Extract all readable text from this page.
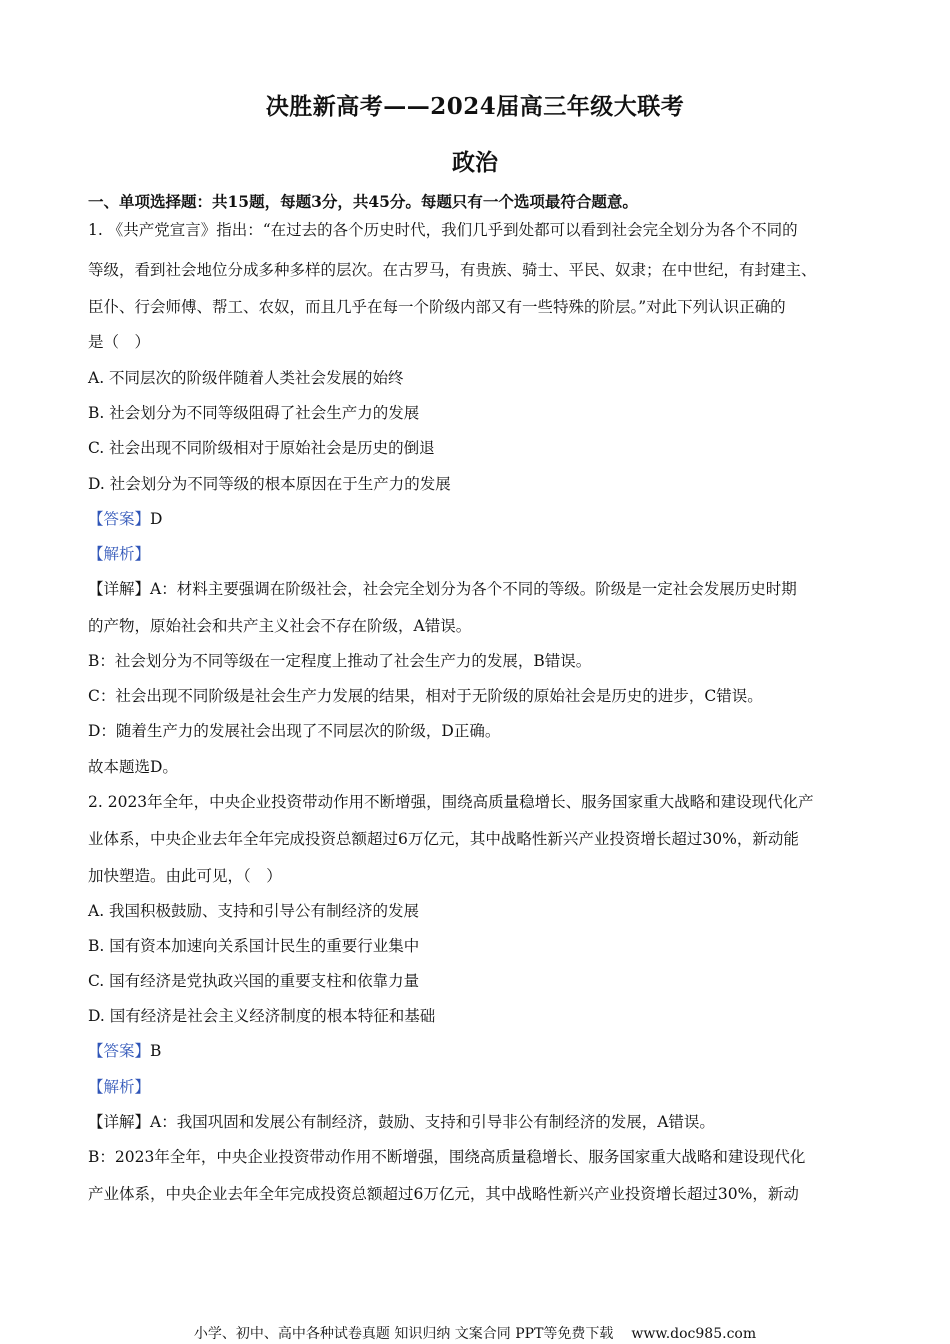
决胜新高考——2024届高三年级大联考
政治
一、单项选择题：共15题，每题3分，共45分。每题只有一个选项最符合题意。
1. 《共产党宣言》指出：“在过去的各个历史时代，我们几乎到处都可以看到社会完全划分为各个不同的
等级，看到社会地位分成多种多样的层次。在古罗马，有贵族、骑士、平民、奴隶；在中世纪，有封建主、
臣仆、行会师傅、帮工、农奴，而且几乎在每一个阶级内部又有一些特殊的阶层。”对此下列认识正确的
是（　）
A. 不同层次的阶级伴随着人类社会发展的始终
B. 社会划分为不同等级阻碍了社会生产力的发展
C. 社会出现不同阶级相对于原始社会是历史的倒退
D. 社会划分为不同等级的根本原因在于生产力的发展
【答案】D
【解析】
【详解】A：材料主要强调在阶级社会，社会完全划分为各个不同的等级。阶级是一定社会发展历史时期
的产物，原始社会和共产主义社会不存在阶级，A错误。
B：社会划分为不同等级在一定程度上推动了社会生产力的发展，B错误。
C：社会出现不同阶级是社会生产力发展的结果，相对于无阶级的原始社会是历史的进步，C错误。
D：随着生产力的发展社会出现了不同层次的阶级，D正确。
故本题选D。
2. 2023年全年，中央企业投资带动作用不断增强，围绕高质量稳增长、服务国家重大战略和建设现代化产
业体系，中央企业去年全年完成投资总额超过6万亿元，其中战略性新兴产业投资增长超过30%，新动能
加快塑造。由此可见，（　）
A. 我国积极鼓励、支持和引导公有制经济的发展
B. 国有资本加速向关系国计民生的重要行业集中
C. 国有经济是党执政兴国的重要支柱和依靠力量
D. 国有经济是社会主义经济制度的根本特征和基础
【答案】B
【解析】
【详解】A：我国巩固和发展公有制经济，鼓励、支持和引导非公有制经济的发展，A错误。
B：2023年全年，中央企业投资带动作用不断增强，围绕高质量稳增长、服务国家重大战略和建设现代化
产业体系，中央企业去年全年完成投资总额超过6万亿元，其中战略性新兴产业投资增长超过30%，新动
小学、初中、高中各种试卷真题 知识归纳 文案合同 PPT等免费下载 www.doc985.com
